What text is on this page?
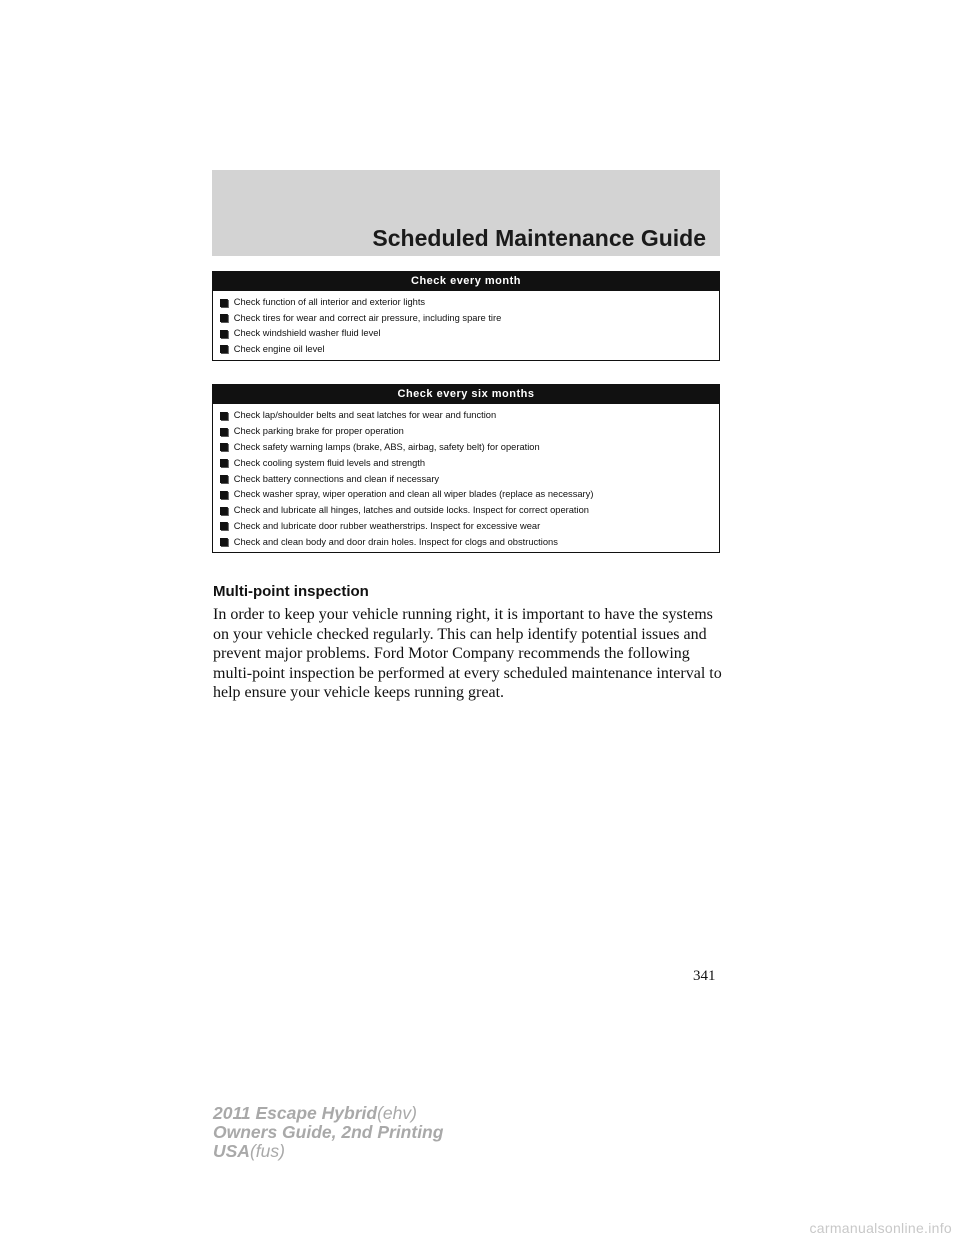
Scheduled Maintenance Guide
Check every month
Check function of all interior and exterior lights
Check tires for wear and correct air pressure, including spare tire
Check windshield washer fluid level
Check engine oil level
Check every six months
Check lap/shoulder belts and seat latches for wear and function
Check parking brake for proper operation
Check safety warning lamps (brake, ABS, airbag, safety belt) for operation
Check cooling system fluid levels and strength
Check battery connections and clean if necessary
Check washer spray, wiper operation and clean all wiper blades (replace as necessary)
Check and lubricate all hinges, latches and outside locks. Inspect for correct operation
Check and lubricate door rubber weatherstrips. Inspect for excessive wear
Check and clean body and door drain holes. Inspect for clogs and obstructions
Multi-point inspection

In order to keep your vehicle running right, it is important to have the systems on your vehicle checked regularly. This can help identify potential issues and prevent major problems. Ford Motor Company recommends the following multi-point inspection be performed at every scheduled maintenance interval to help ensure your vehicle keeps running great.

341
2011 Escape Hybrid(ehv)
Owners Guide, 2nd Printing
USA(fus)
carmanualsonline.info
